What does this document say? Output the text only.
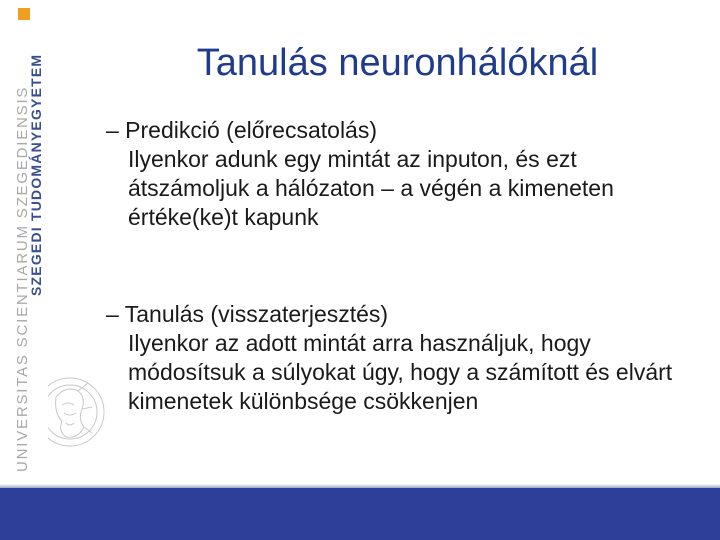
UNIVERSITAS SCIENTIARUM SZEGEDIENSIS
SZEGEDI TUDOMÁNYEGYETEM	Tanulás neuronhálóknál
– Predikció (előrecsatolás)
Ilyenkor adunk egy mintát az inputon, és ezt átszámoljuk a hálózaton – a végén a kimeneten értéke(ke)t kapunk
– Tanulás (visszaterjesztés)
Ilyenkor az adott mintát arra használjuk, hogy módosítsuk a súlyokat úgy, hogy a számított és elvárt kimenetek különbsége csökkenjen
